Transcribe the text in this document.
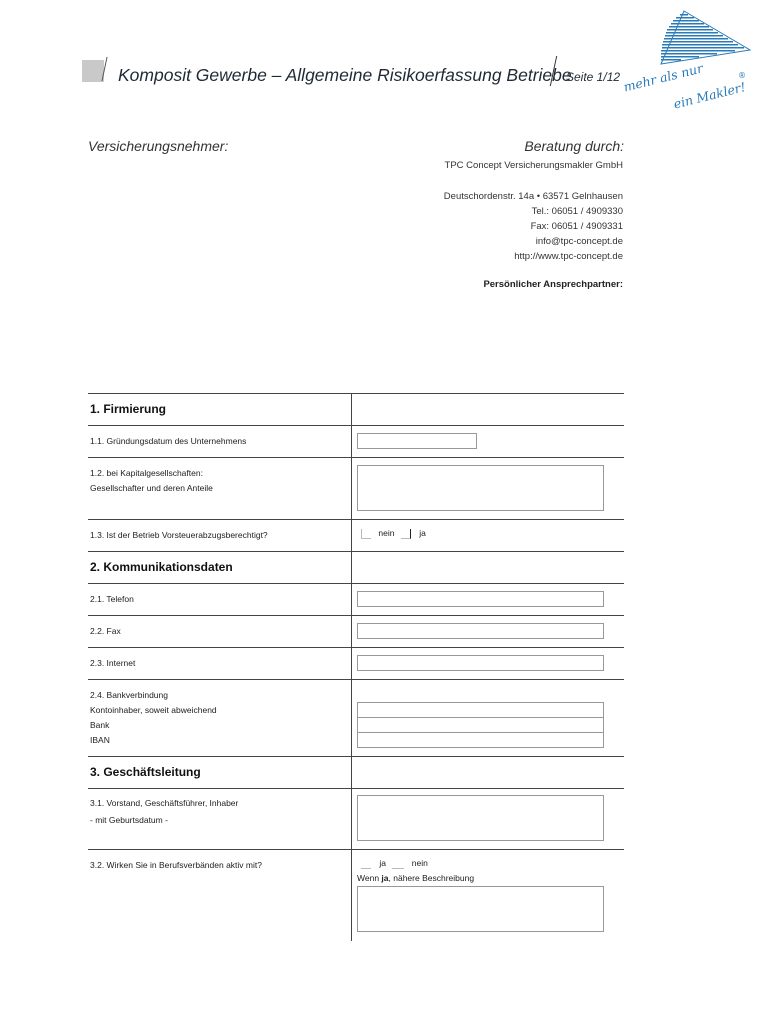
Komposit Gewerbe – Allgemeine Risikoerfassung Betriebe
Seite 1/12	®
mehr als nur
ein Makler!
Versicherungsnehmer:	Beratung durch:
TPC Concept Versicherungsmakler GmbH
Deutschordenstr. 14a • 63571 Gelnhausen
Tel.: 06051 / 4909330
Fax: 06051 / 4909331
info@tpc-concept.de
http://www.tpc-concept.de
Persönlicher Ansprechpartner:
1. Firmierung
1.1. Gründungsdatum des Unternehmens
1.2. bei Kapitalgesellschaften:
Gesellschafter und deren Anteile
1.3. Ist der Betrieb Vorsteuerabzugsberechtigt?	nein	ja
2. Kommunikationsdaten
2.1. Telefon
2.2. Fax
2.3. Internet
2.4. Bankverbindung
Kontoinhaber, soweit abweichend
Bank
IBAN
3. Geschäftsleitung
3.1. Vorstand, Geschäftsführer, Inhaber
- mit Geburtsdatum -
3.2. Wirken Sie in Berufsverbänden aktiv mit?	ja	nein
Wenn ja, nähere Beschreibung
